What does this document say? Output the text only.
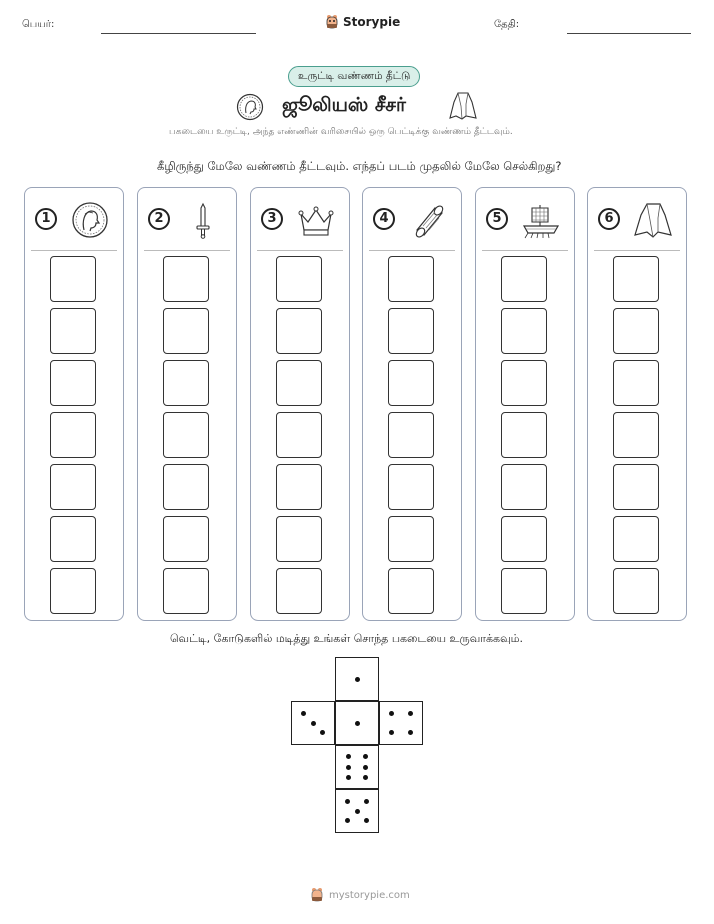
பெயர்:	Storypie	தேதி:
உருட்டி வண்ணம் தீட்டு
ஜூலியஸ் சீசர்
பகடையை உருட்டி, அந்த எண்ணின் வரிசையில் ஒரு பெட்டிக்கு வண்ணம் தீட்டவும்.
கீழிருந்து மேலே வண்ணம் தீட்டவும். எந்தப் படம் முதலில் மேலே செல்கிறது?
1	2	3	4	5	6
வெட்டி, கோடுகளில் மடித்து உங்கள் சொந்த பகடையை உருவாக்கவும்.
mystorypie.com
